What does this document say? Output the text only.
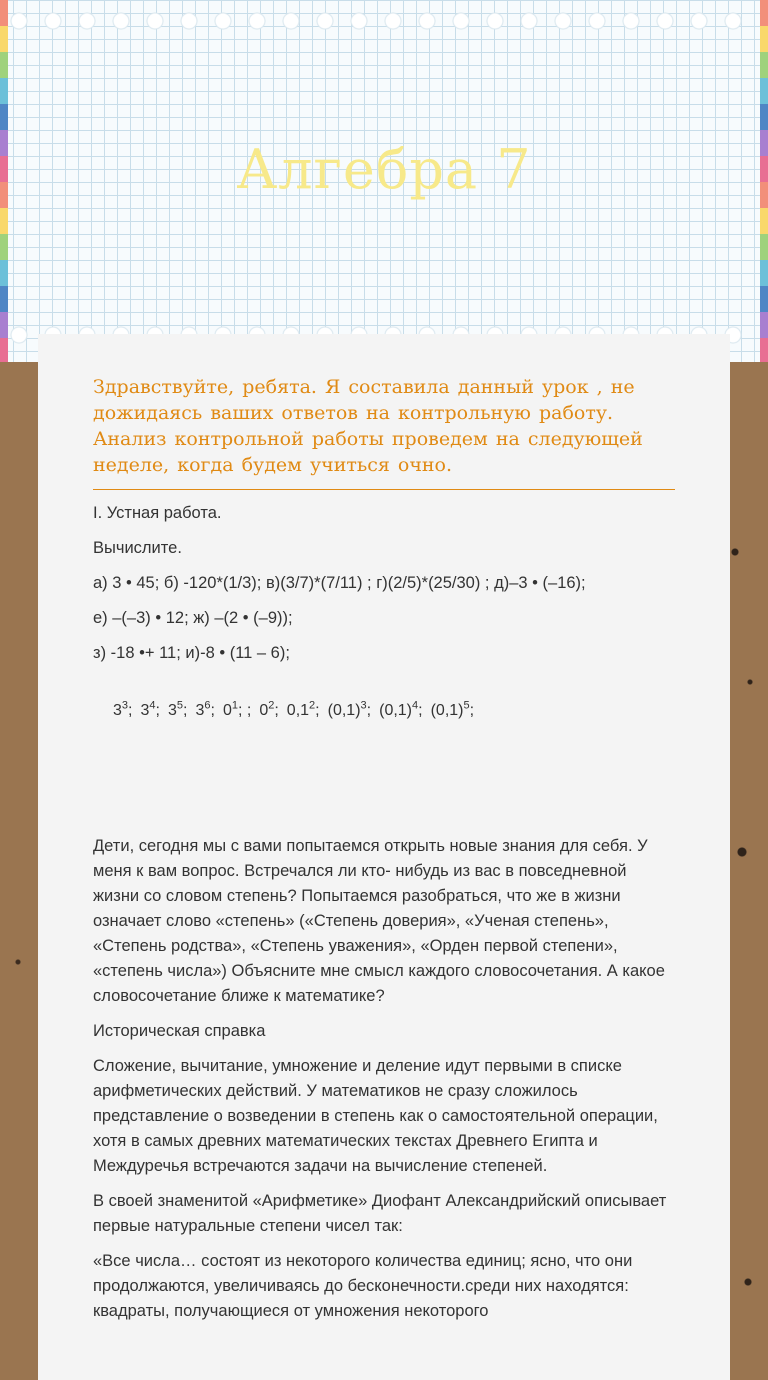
Алгебра 7

Здравствуйте, ребята. Я составила данный урок , не дожидаясь ваших ответов на контрольную работу. Анализ контрольной работы проведем на следующей неделе, когда будем учиться очно.

I. Устная работа.

Вычислите.

а) 3 • 45; б) -120*(1/3); в)(3/7)*(7/11) ; г)(2/5)*(25/30) ; д)–3 • (–16);

е) –(–3) • 12; ж) –(2 • (–9));

з) -18 •+ 11; и)-8 • (11 – 6);

$3^3$; $3^4$; $3^5$; $3^6$; $0^1$; ; $0^2$; $0,1^2$; $(0,1)^3$; $(0,1)^4$; $(0,1)^5$;

Дети, сегодня мы с вами попытаемся открыть новые знания для себя. У меня к вам вопрос. Встречался ли кто- нибудь из вас в повседневной жизни со словом степень? Попытаемся разобраться, что же в жизни означает слово «степень» («Степень доверия», «Ученая степень», «Степень родства», «Степень уважения», «Орден первой степени», «степень числа») Объясните мне смысл каждого словосочетания. А какое словосочетание ближе к математике?

Историческая справка

Сложение, вычитание, умножение и деление идут первыми в списке арифметических действий. У математиков не сразу сложилось представление о возведении в степень как о самостоятельной операции, хотя в самых древних математических текстах Древнего Египта и Междуречья встречаются задачи на вычисление степеней.

В своей знаменитой «Арифметике» Диофант Александрийский описывает первые натуральные степени чисел так:

«Все числа… состоят из некоторого количества единиц; ясно, что они продолжаются, увеличиваясь до бесконечности.среди них находятся: квадраты, получающиеся от умножения некоторого
